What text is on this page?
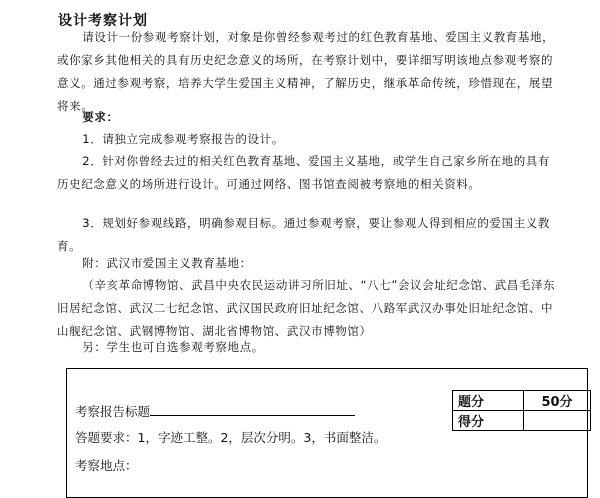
设计考察计划

请设计一份参观考察计划，对象是你曾经参观考过的红色教育基地、爱国主义教育基地，或你家乡其他相关的具有历史纪念意义的场所，在考察计划中，要详细写明该地点参观考察的意义。通过参观考察，培养大学生爱国主义精神，了解历史，继承革命传统，珍惜现在，展望将来。

要求：

1．请独立完成参观考察报告的设计。

2．针对你曾经去过的相关红色教育基地、爱国主义基地，或学生自己家乡所在地的具有历史纪念意义的场所进行设计。可通过网络、图书馆查阅被考察地的相关资料。

3．规划好参观线路，明确参观目标。通过参观考察，要让参观人得到相应的爱国主义教育。

附：武汉市爱国主义教育基地：

（辛亥革命博物馆、武昌中央农民运动讲习所旧址、“八七”会议会址纪念馆、武昌毛泽东旧居纪念馆、武汉二七纪念馆、武汉国民政府旧址纪念馆、八路军武汉办事处旧址纪念馆、中山舰纪念馆、武钢博物馆、湖北省博物馆、武汉市博物馆）

另：学生也可自选参观考察地点。

考察报告标题
答题要求：1，字迹工整。2，层次分明。3，书面整洁。
考察地点：
题分	50分
得分	
